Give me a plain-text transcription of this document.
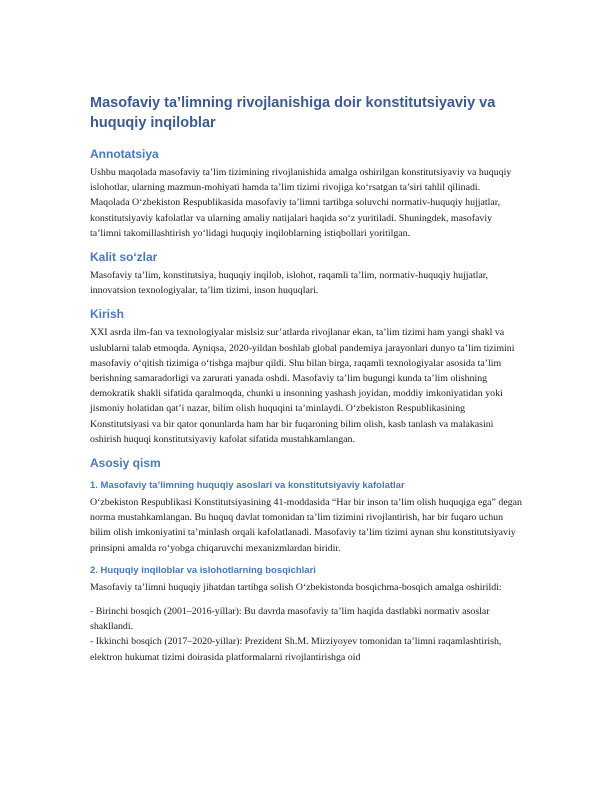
Masofaviy ta’limning rivojlanishiga doir konstitutsiyaviy va huquqiy inqiloblar
Annotatsiya

Ushbu maqolada masofaviy ta’lim tizimining rivojlanishida amalga oshirilgan konstitutsiyaviy va huquqiy islohotlar, ularning mazmun-mohiyati hamda ta’lim tizimi rivojiga ko‘rsatgan ta’siri tahlil qilinadi. Maqolada O‘zbekiston Respublikasida masofaviy ta’limni tartibga soluvchi normativ-huquqiy hujjatlar, konstitutsiyaviy kafolatlar va ularning amaliy natijalari haqida so‘z yuritiladi. Shuningdek, masofaviy ta’limni takomillashtirish yo‘lidagi huquqiy inqiloblarning istiqbollari yoritilgan.

Kalit so‘zlar

Masofaviy ta’lim, konstitutsiya, huquqiy inqilob, islohot, raqamli ta’lim, normativ-huquqiy hujjatlar, innovatsion texnologiyalar, ta’lim tizimi, inson huquqlari.

Kirish

XXI asrda ilm-fan va texnologiyalar mislsiz sur’atlarda rivojlanar ekan, ta’lim tizimi ham yangi shakl va uslublarni talab etmoqda. Ayniqsa, 2020-yildan boshlab global pandemiya jarayonlari dunyo ta’lim tizimini masofaviy o‘qitish tizimiga o‘tishga majbur qildi. Shu bilan birga, raqamli texnologiyalar asosida ta’lim berishning samaradorligi va zarurati yanada oshdi. Masofaviy ta’lim bugungi kunda ta’lim olishning demokratik shakli sifatida qaralmoqda, chunki u insonning yashash joyidan, moddiy imkoniyatidan yoki jismoniy holatidan qat’i nazar, bilim olish huquqini ta’minlaydi. O‘zbekiston Respublikasining Konstitutsiyasi va bir qator qonunlarda ham har bir fuqaroning bilim olish, kasb tanlash va malakasini oshirish huquqi konstitutsiyaviy kafolat sifatida mustahkamlangan.

Asosiy qism
1. Masofaviy ta’limning huquqiy asoslari va konstitutsiyaviy kafolatlar

O‘zbekiston Respublikasi Konstitutsiyasining 41-moddasida “Har bir inson ta’lim olish huquqiga ega” degan norma mustahkamlangan. Bu huquq davlat tomonidan ta’lim tizimini rivojlantirish, har bir fuqaro uchun bilim olish imkoniyatini ta’minlash orqali kafolatlanadi. Masofaviy ta’lim tizimi aynan shu konstitutsiyaviy prinsipni amalda ro‘yobga chiqaruvchi mexanizmlardan biridir.

2. Huquqiy inqiloblar va islohotlarning bosqichlari

Masofaviy ta’limni huquqiy jihatdan tartibga solish O‘zbekistonda bosqichma-bosqich amalga oshirildi:

- Birinchi bosqich (2001–2016-yillar): Bu davrda masofaviy ta’lim haqida dastlabki normativ asoslar shakllandi.

- Ikkinchi bosqich (2017–2020-yillar): Prezident Sh.M. Mirziyoyev tomonidan ta’limni raqamlashtirish, elektron hukumat tizimi doirasida platformalarni rivojlantirishga oid
